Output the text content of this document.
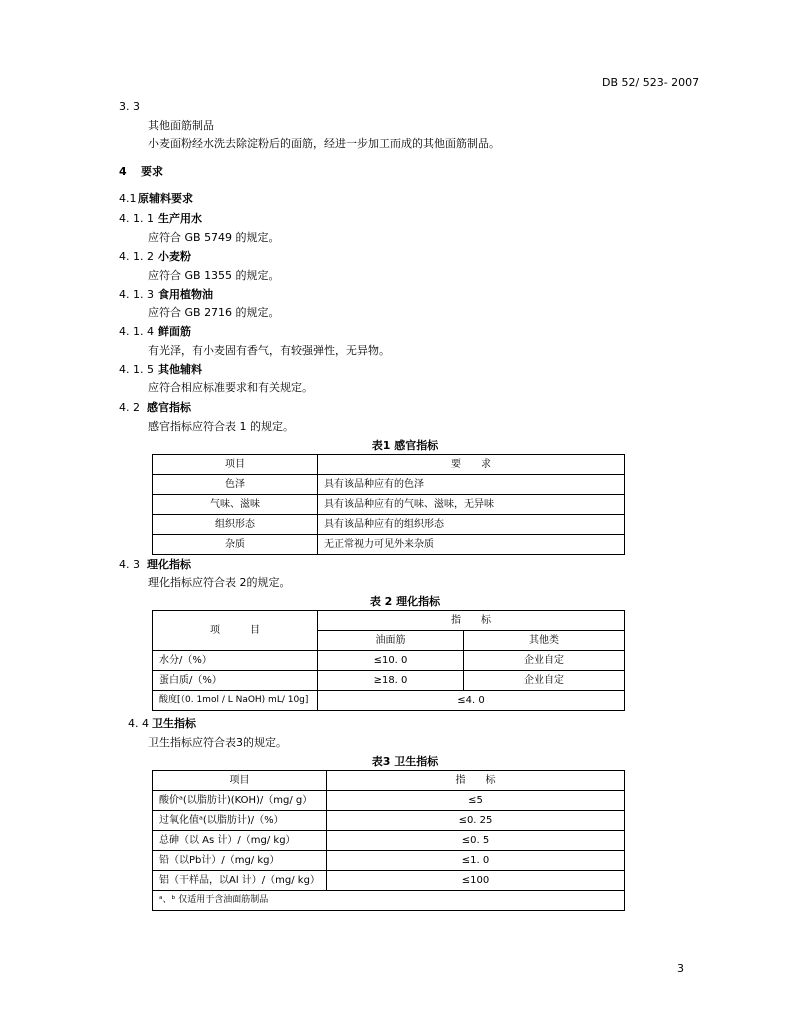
DB 52/ 523- 2007
3. 3
其他面筋制品
小麦面粉经水洗去除淀粉后的面筋，经进一步加工而成的其他面筋制品。
4 要求
4.1 原辅料要求
4. 1. 1 生产用水
应符合 GB 5749 的规定。
4. 1. 2 小麦粉
应符合 GB 1355 的规定。
4. 1. 3 食用植物油
应符合 GB 2716 的规定。
4. 1. 4 鲜面筋
有光泽，有小麦固有香气，有较强弹性，无异物。
4. 1. 5 其他辅料
应符合相应标准要求和有关规定。
4. 2 感官指标
感官指标应符合表 1 的规定。
表1 感官指标
项目	要　　求
色泽	具有该品种应有的色泽
气味、滋味	具有该品种应有的气味、滋味，无异味
组织形态	具有该品种应有的组织形态
杂质	无正常视力可见外来杂质
4. 3 理化指标
理化指标应符合表 2的规定。
表 2 理化指标
项　　　目	指　　标	
	油面筋	其他类
水分/（%）	≤10. 0	企业自定
蛋白质/（%）	≥18. 0	企业自定
酸度[（0. 1mol / L NaOH) mL/ 10g]	≤4. 0	
4. 4 卫生指标
卫生指标应符合表3的规定。
表3 卫生指标
项目	指　　标
酸价ᵃ(以脂肪计)(KOH)/（mg/ g）	≤5
过氧化值ᵃ(以脂肪计)/（%）	≤0. 25
总砷（以 As 计）/（mg/ kg）	≤0. 5
铅（以Pb计）/（mg/ kg）	≤1. 0
铝（干样品，以Al 计）/（mg/ kg）	≤100
ᵃ、ᵇ 仅适用于含油面筋制品	
3
